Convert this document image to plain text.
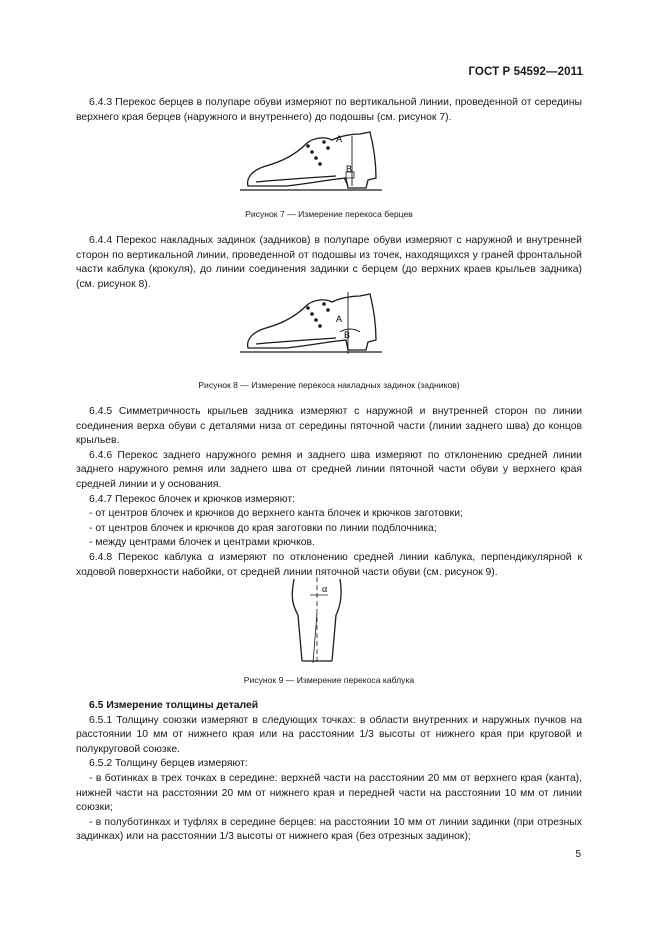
ГОСТ Р 54592—2011

6.4.3 Перекос берцев в полупаре обуви измеряют по вертикальной линии, проведенной от середины верхнего края берцев (наружного и внутреннего) до подошвы (см. рисунок 7).

А
В
Рисунок 7 — Измерение перекоса берцев

6.4.4 Перекос накладных задинок (задников) в полупаре обуви измеряют с наружной и внутренней сторон по вертикальной линии, проведенной от подошвы из точек, находящихся у граней фронтальной части каблука (крокуля), до линии соединения задинки с берцем (до верхних краев крыльев задника) (см. рисунок 8).

А
В
Рисунок 8 — Измерение перекоса накладных задинок (задников)

6.4.5 Симметричность крыльев задника измеряют с наружной и внутренней сторон по линии соединения верха обуви с деталями низа от середины пяточной части (линии заднего шва) до концов крыльев.

6.4.6 Перекос заднего наружного ремня и заднего шва измеряют по отклонению средней линии заднего наружного ремня или заднего шва от средней линии пяточной части обуви у верхнего края средней линии и у основания.

6.4.7 Перекос блочек и крючков измеряют:

- от центров блочек и крючков до верхнего канта блочек и крючков заготовки;

- от центров блочек и крючков до края заготовки по линии подблочника;

- между центрами блочек и центрами крючков.

6.4.8 Перекос каблука α измеряют по отклонению средней линии каблука, перпендикулярной к ходовой поверхности набойки, от средней линии пяточной части обуви (см. рисунок 9).

α
Рисунок 9 — Измерение перекоса каблука

6.5 Измерение толщины деталей

6.5.1 Толщину союзки измеряют в следующих точках: в области внутренних и наружных пучков на расстоянии 10 мм от нижнего края или на расстоянии 1/3 высоты от нижнего края при круговой и полукруговой союзке.

6.5.2 Толщину берцев измеряют:

- в ботинках в трех точках в середине: верхней части на расстоянии 20 мм от верхнего края (канта), нижней части на расстоянии 20 мм от нижнего края и передней части на расстоянии 10 мм от линии союзки;

- в полуботинках и туфлях в середине берцев: на расстоянии 10 мм от линии задинки (при отрезных задинках) или на расстоянии 1/3 высоты от нижнего края (без отрезных задинок);

5
